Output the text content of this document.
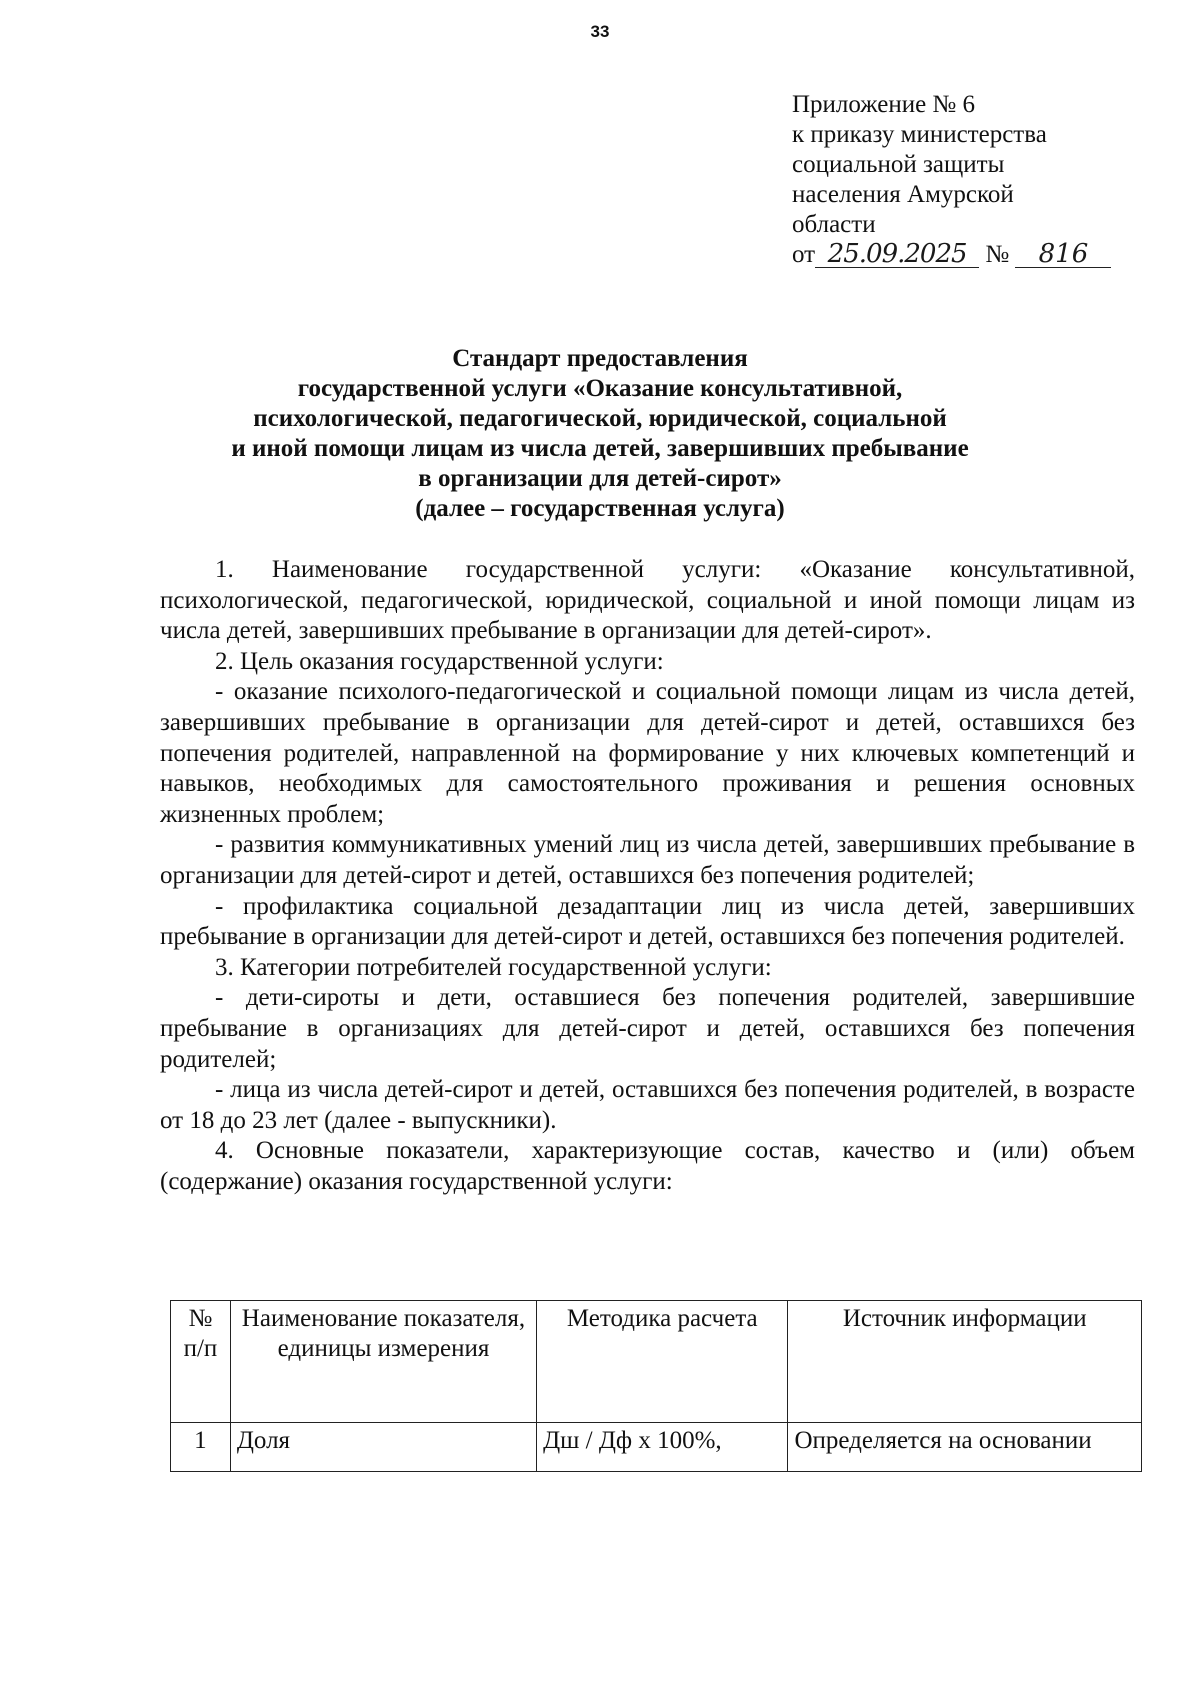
33
Приложение № 6
к приказу министерства
социальной защиты
населения Амурской
области
от 25.09.2025 № 816
Стандарт предоставления
государственной услуги «Оказание консультативной,
психологической, педагогической, юридической, социальной
и иной помощи лицам из числа детей, завершивших пребывание
в организации для детей-сирот»
(далее – государственная услуга)

1. Наименование государственной услуги: «Оказание консультативной, психологической, педагогической, юридической, социальной и иной помощи лицам из числа детей, завершивших пребывание в организации для детей-сирот».

2. Цель оказания государственной услуги:

- оказание психолого-педагогической и социальной помощи лицам из числа детей, завершивших пребывание в организации для детей-сирот и детей, оставшихся без попечения родителей, направленной на формирование у них ключевых компетенций и навыков, необходимых для самостоятельного проживания и решения основных жизненных проблем;

- развития коммуникативных умений лиц из числа детей, завершивших пребывание в организации для детей-сирот и детей, оставшихся без попечения родителей;

- профилактика социальной дезадаптации лиц из числа детей, завершивших пребывание в организации для детей-сирот и детей, оставшихся без попечения родителей.

3. Категории потребителей государственной услуги:

- дети-сироты и дети, оставшиеся без попечения родителей, завершившие пребывание в организациях для детей-сирот и детей, оставшихся без попечения родителей;

- лица из числа детей-сирот и детей, оставшихся без попечения родителей, в возрасте от 18 до 23 лет (далее - выпускники).

4. Основные показатели, характеризующие состав, качество и (или) объем (содержание) оказания государственной услуги:

№ п/п	Наименование показателя, единицы измерения	Методика расчета	Источник информации
1	Доля	Дш / Дф х 100%,	Определяется на основании
